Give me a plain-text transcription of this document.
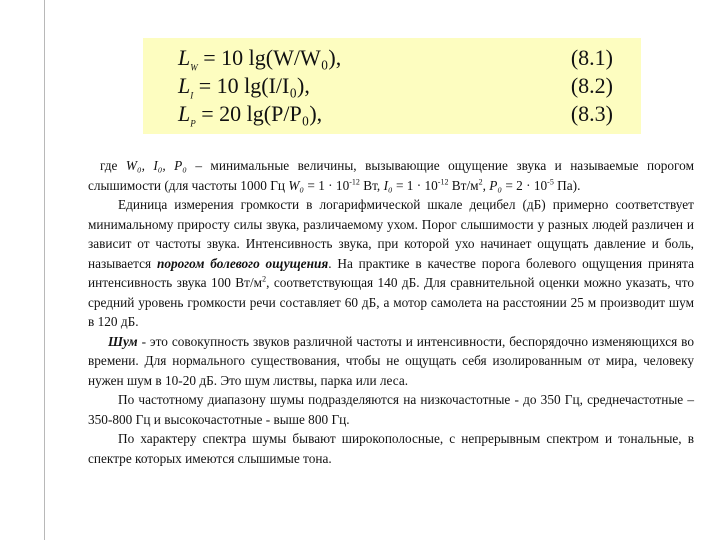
$L_W = 10$ lg(W/W₀),	(8.1)
$L_I = 10$ lg(I/I₀),	(8.2)
$L_P = 20$ lg(P/P₀),	(8.3)

где W₀, I₀, P₀ – минимальные величины, вызывающие ощущение звука и называемые порогом слышимости (для частоты 1000 Гц $W_0 = 1 \cdot 10^{-12}$ Вт, $I_0 = 1 \cdot 10^{-12}$ $Вт/м^2$, $P_0 = 2 \cdot 10^{-5}$ Па).

Единица измерения громкости в логарифмической шкале децибел (дБ) примерно соответствует минимальному приросту силы звука, различаемому ухом. Порог слышимости у разных людей различен и зависит от частоты звука. Интенсивность звука, при которой ухо начинает ощущать давление и боль, называется порогом болевого ощущения. На практике в качестве порога болевого ощущения принята интенсивность звука 100 $Вт/м^2$, соответствующая 140 дБ. Для сравнительной оценки можно указать, что средний уровень громкости речи составляет 60 дБ, а мотор самолета на расстоянии 25 м производит шум в 120 дБ.

Шум - это совокупность звуков различной частоты и интенсивности, беспорядочно изменяющихся во времени. Для нормального существования, чтобы не ощущать себя изолированным от мира, человеку нужен шум в 10-20 дБ. Это шум листвы, парка или леса.

По частотному диапазону шумы подразделяются на низкочастотные - до 350 Гц, среднечастотные – 350-800 Гц и высокочастотные - выше 800 Гц.

По характеру спектра шумы бывают широкополосные, с непрерывным спектром и тональные, в спектре которых имеются слышимые тона.
